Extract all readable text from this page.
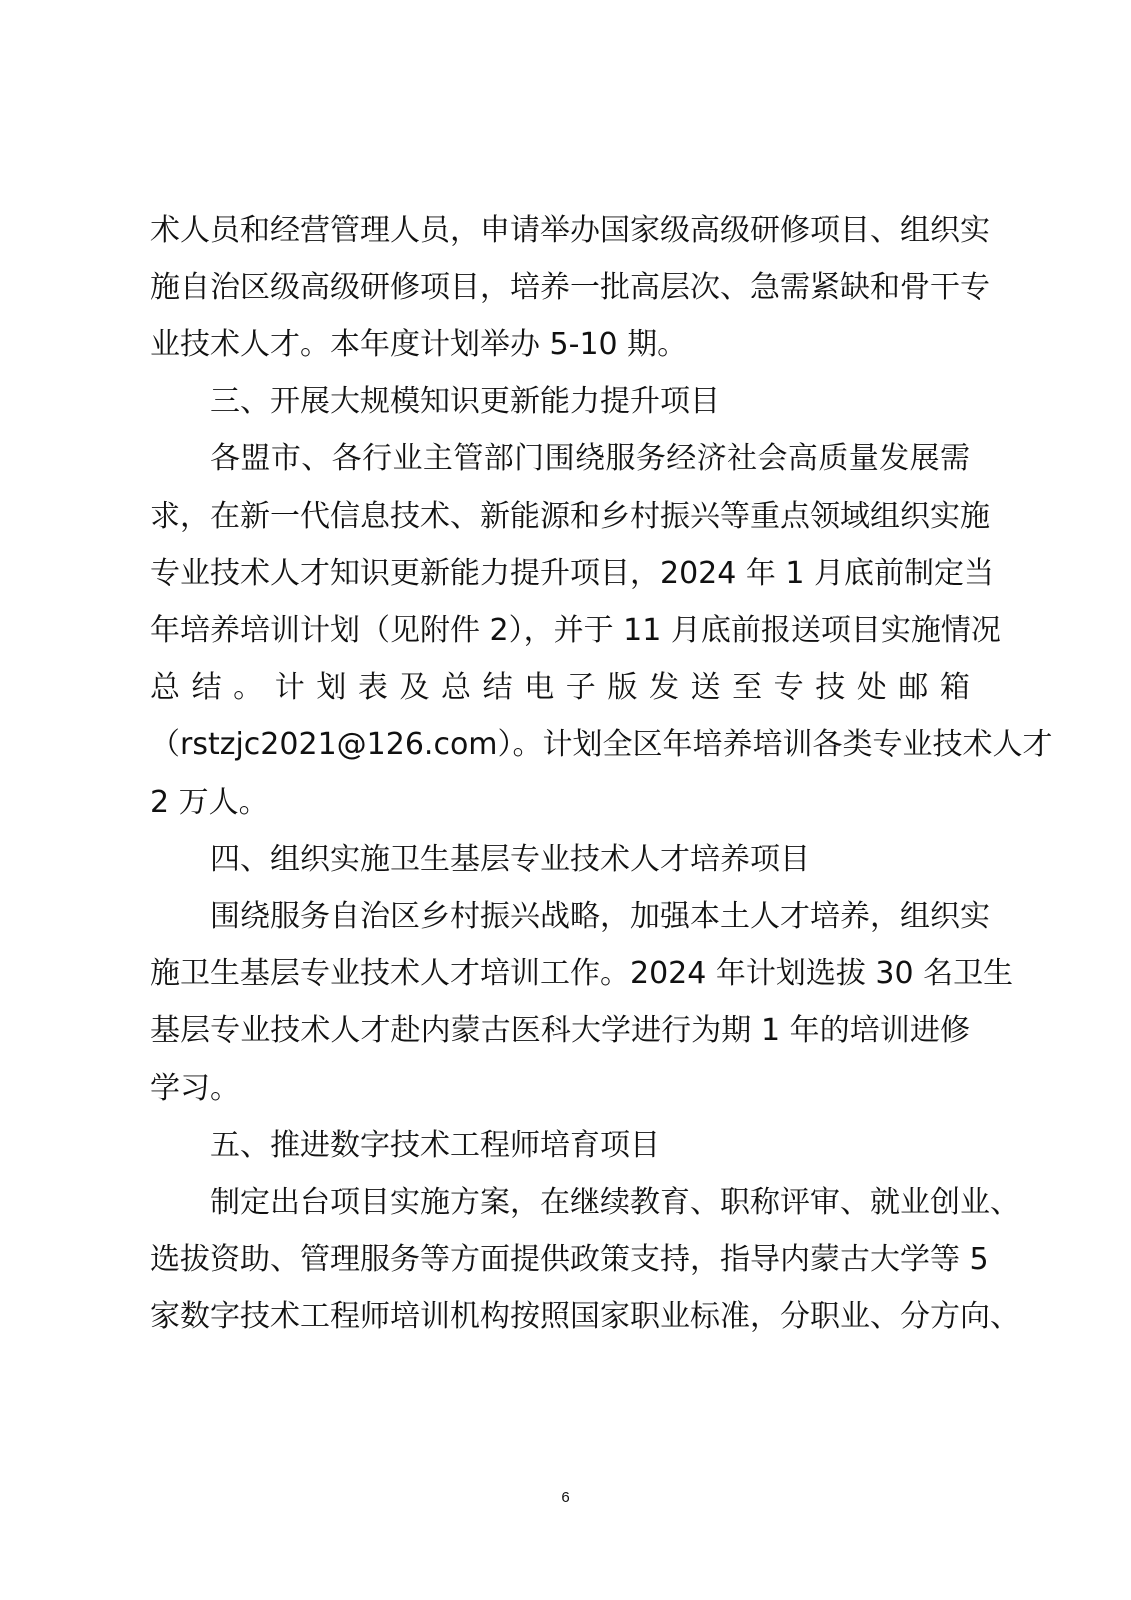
术人员和经营管理人员，申请举办国家级高级研修项目、组织实
施自治区级高级研修项目，培养一批高层次、急需紧缺和骨干专
业技术人才。本年度计划举办 5-10 期。
三、开展大规模知识更新能力提升项目
各盟市、各行业主管部门围绕服务经济社会高质量发展需
求，在新一代信息技术、新能源和乡村振兴等重点领域组织实施
专业技术人才知识更新能力提升项目，2024 年 1 月底前制定当
年培养培训计划（见附件 2），并于 11 月底前报送项目实施情况
总结。计划表及总结电子版发送至专技处邮箱
（rstzjc2021@126.com）。计划全区年培养培训各类专业技术人才
2 万人。
四、组织实施卫生基层专业技术人才培养项目
围绕服务自治区乡村振兴战略，加强本土人才培养，组织实
施卫生基层专业技术人才培训工作。2024 年计划选拔 30 名卫生
基层专业技术人才赴内蒙古医科大学进行为期 1 年的培训进修
学习。
五、推进数字技术工程师培育项目
制定出台项目实施方案，在继续教育、职称评审、就业创业、
选拔资助、管理服务等方面提供政策支持，指导内蒙古大学等 5
家数字技术工程师培训机构按照国家职业标准，分职业、分方向、
6
